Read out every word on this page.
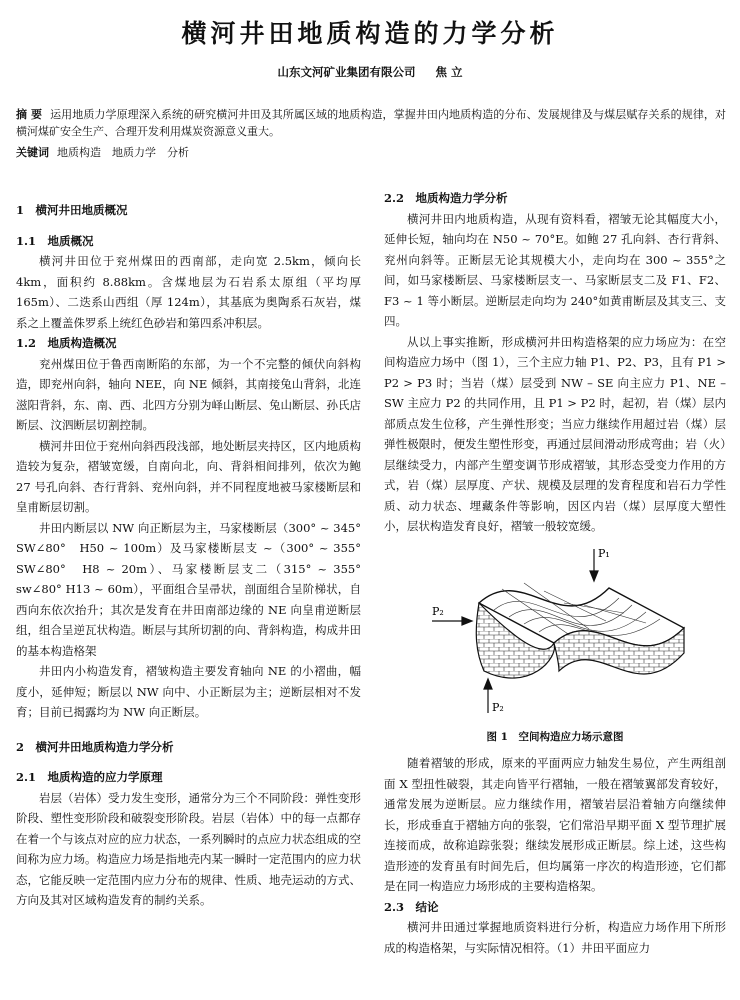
横河井田地质构造的力学分析
山东文河矿业集团有限公司 焦 立
摘 要 运用地质力学原理深入系统的研究横河井田及其所属区域的地质构造，掌握井田内地质构造的分布、发展规律及与煤层赋存关系的规律，对横河煤矿安全生产、合理开发利用煤炭资源意义重大。
关键词 地质构造　地质力学　分析
1　横河井田地质概况
1.1　地质概况

横河井田位于兖州煤田的西南部，走向宽 2.5km，倾向长 4km，面积约 8.88km。含煤地层为石岩系太原组（平均厚 165m）、二迭系山西组（厚 124m），其基底为奥陶系石灰岩，煤系之上覆盖侏罗系上统红色砂岩和第四系冲积层。

1.2　地质构造概况

兖州煤田位于鲁西南断陷的东部，为一个不完整的倾伏向斜构造，即兖州向斜，轴向 NEE，向 NE 倾斜，其南接兔山背斜，北连滋阳背斜，东、南、西、北四方分别为峄山断层、兔山断层、孙氏店断层、汶泗断层切割控制。

横河井田位于兖州向斜西段浅部，地处断层夹持区，区内地质构造较为复杂，褶皱宽缓，自南向北，向、背斜相间排列，依次为鲍 27 号孔向斜、杏行背斜、兖州向斜，并不同程度地被马家楼断层和皇甫断层切割。

井田内断层以 NW 向正断层为主，马家楼断层（300° ~ 345°　SW∠80°　H50 ~ 100m）及马家楼断层支 ~（300° ~ 355° SW∠80°　H8 ~ 20m）、马家楼断层支二（315° ~ 355°　sw∠80° H13 ~ 60m），平面组合呈帚状，剖面组合呈阶梯状，自西向东依次抬升；其次是发育在井田南部边缘的 NE 向皇甫逆断层组，组合呈逆瓦状构造。断层与其所切割的向、背斜构造，构成井田的基本构造格架

井田内小构造发育，褶皱构造主要发育轴向 NE 的小褶曲，幅度小，延伸短；断层以 NW 向中、小正断层为主；逆断层相对不发育；目前已揭露均为 NW 向正断层。

2　横河井田地质构造力学分析
2.1　地质构造的应力学原理

岩层（岩体）受力发生变形，通常分为三个不同阶段：弹性变形阶段、塑性变形阶段和破裂变形阶段。岩层（岩体）中的每一点都存在着一个与该点对应的应力状态，一系列瞬时的点应力状态组成的空间称为应力场。构造应力场是指地壳内某一瞬时一定范围内的应力状态，它能反映一定范围内应力分布的规律、性质、地壳运动的方式、方向及其对区域构造发育的制约关系。

2.2　地质构造力学分析

横河井田内地质构造，从现有资料看，褶皱无论其幅度大小，延伸长短，轴向均在 N50 ~ 70°E。如鲍 27 孔向斜、杏行背斜、兖州向斜等。正断层无论其规模大小，走向均在 300 ~ 355°之间，如马家楼断层、马家楼断层支一、马家断层支二及 F1、F2、F3 ~ 1 等小断层。逆断层走向均为 240°如黄甫断层及其支三、支四。

从以上事实推断，形成横河井田构造格架的应力场应为：在空间构造应力场中（图 1），三个主应力轴 P1、P2、P3，且有 P1 > P2 > P3 时；当岩（煤）层受到 NW – SE 向主应力 P1、NE – SW 主应力 P2 的共同作用，且 P1 > P2 时，起初，岩（煤）层内部质点发生位移，产生弹性形变；当应力继续作用超过岩（煤）层弹性极限时，便发生塑性形变，再通过层间滑动形成弯曲；岩（火）层继续受力，内部产生塑变调节形成褶皱，其形态受变力作用的方式，岩（煤）层厚度、产状、规模及层理的发育程度和岩石力学性质、动力状态、埋藏条件等影响，因区内岩（煤）层厚度大塑性小，层状构造发育良好，褶皱一般较宽缓。

P₁
P₂
P₂
图 1　空间构造应力场示意图

随着褶皱的形成，原来的平面两应力轴发生易位，产生两组剖面 X 型扭性破裂，其走向皆平行褶轴，一般在褶皱翼部发育较好，通常发展为逆断层。应力继续作用，褶皱岩层沿着轴方向继续伸长，形成垂直于褶轴方向的张裂，它们常沿早期平面 X 型节理扩展连接而成，故称追踪张裂；继续发展形成正断层。综上述，这些构造形迹的发育虽有时间先后，但均属第一序次的构造形迹，它们都是在同一构造应力场形成的主要构造格架。

2.3　结论

横河井田通过掌握地质资料进行分析，构造应力场作用下所形成的构造格架，与实际情况相符。（1）井田平面应力
